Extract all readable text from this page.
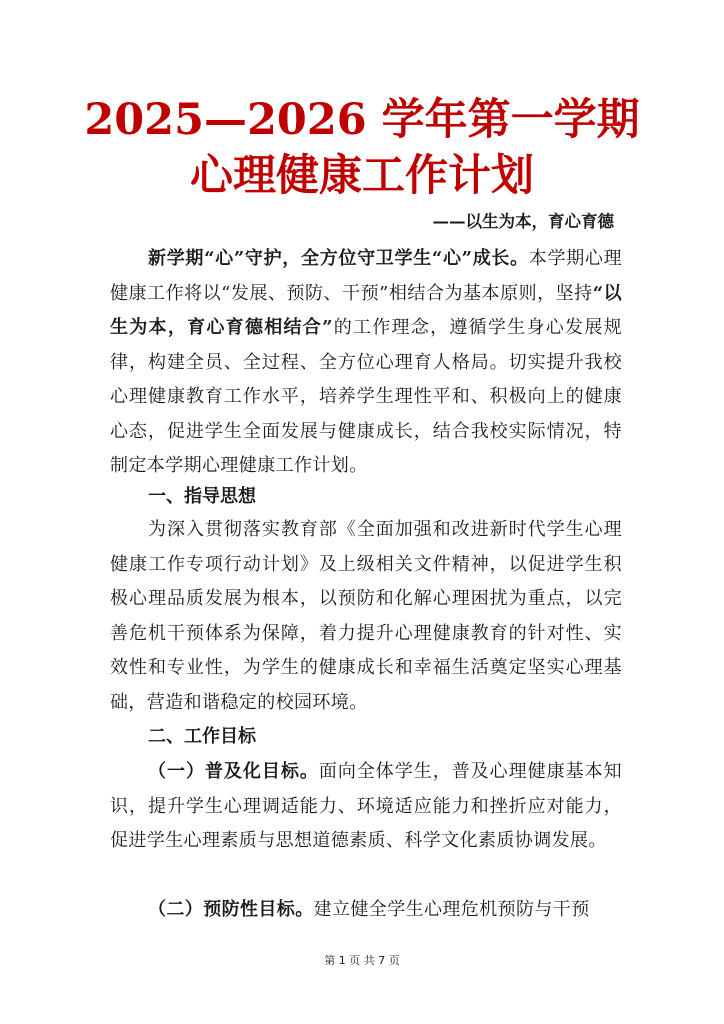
2025—2026 学年第一学期
心理健康工作计划
——以生为本，育心育德
新学期“心”守护，全方位守卫学生“心”成长。本学期心理健康工作将以“发展、预防、干预”相结合为基本原则，坚持“以生为本，育心育德相结合”的工作理念，遵循学生身心发展规律，构建全员、全过程、全方位心理育人格局。切实提升我校心理健康教育工作水平，培养学生理性平和、积极向上的健康心态，促进学生全面发展与健康成长，结合我校实际情况，特制定本学期心理健康工作计划。
一、指导思想
为深入贯彻落实教育部《全面加强和改进新时代学生心理健康工作专项行动计划》及上级相关文件精神，以促进学生积极心理品质发展为根本，以预防和化解心理困扰为重点，以完善危机干预体系为保障，着力提升心理健康教育的针对性、实效性和专业性，为学生的健康成长和幸福生活奠定坚实心理基础，营造和谐稳定的校园环境。
二、工作目标
（一）普及化目标。面向全体学生，普及心理健康基本知识，提升学生心理调适能力、环境适应能力和挫折应对能力，促进学生心理素质与思想道德素质、科学文化素质协调发展。
（二）预防性目标。建立健全学生心理危机预防与干预
第 1 页 共 7 页
